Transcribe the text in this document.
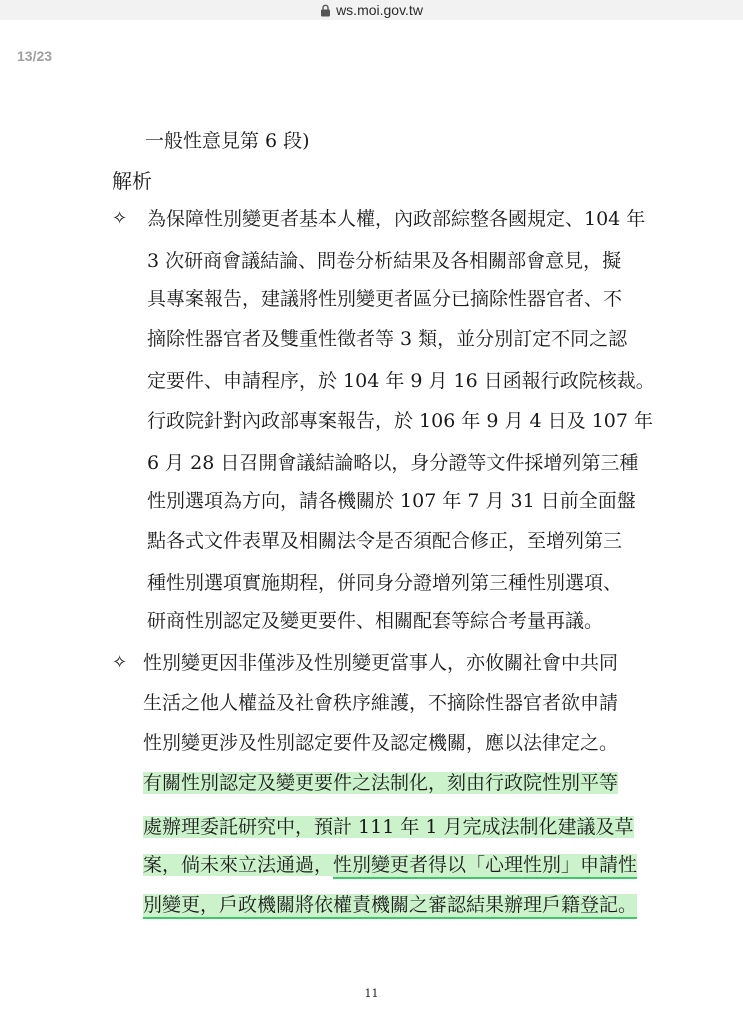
ws.moi.gov.tw
13/23
一般性意見第 6 段)
解析
✧ 為保障性別變更者基本人權，內政部綜整各國規定、104 年
3 次研商會議結論、問卷分析結果及各相關部會意見，擬
具專案報告，建議將性別變更者區分已摘除性器官者、不
摘除性器官者及雙重性徵者等 3 類，並分別訂定不同之認
定要件、申請程序，於 104 年 9 月 16 日函報行政院核裁。
行政院針對內政部專案報告，於 106 年 9 月 4 日及 107 年
6 月 28 日召開會議結論略以，身分證等文件採增列第三種
性別選項為方向，請各機關於 107 年 7 月 31 日前全面盤
點各式文件表單及相關法令是否須配合修正，至增列第三
種性別選項實施期程，併同身分證增列第三種性別選項、
研商性別認定及變更要件、相關配套等綜合考量再議。
✧ 性別變更因非僅涉及性別變更當事人，亦攸關社會中共同
生活之他人權益及社會秩序維護，不摘除性器官者欲申請
性別變更涉及性別認定要件及認定機關，應以法律定之。
有關性別認定及變更要件之法制化，刻由行政院性別平等
處辦理委託研究中，預計 111 年 1 月完成法制化建議及草
案，倘未來立法通過，性別變更者得以「心理性別」申請性
別變更，戶政機關將依權責機關之審認結果辦理戶籍登記。
11
